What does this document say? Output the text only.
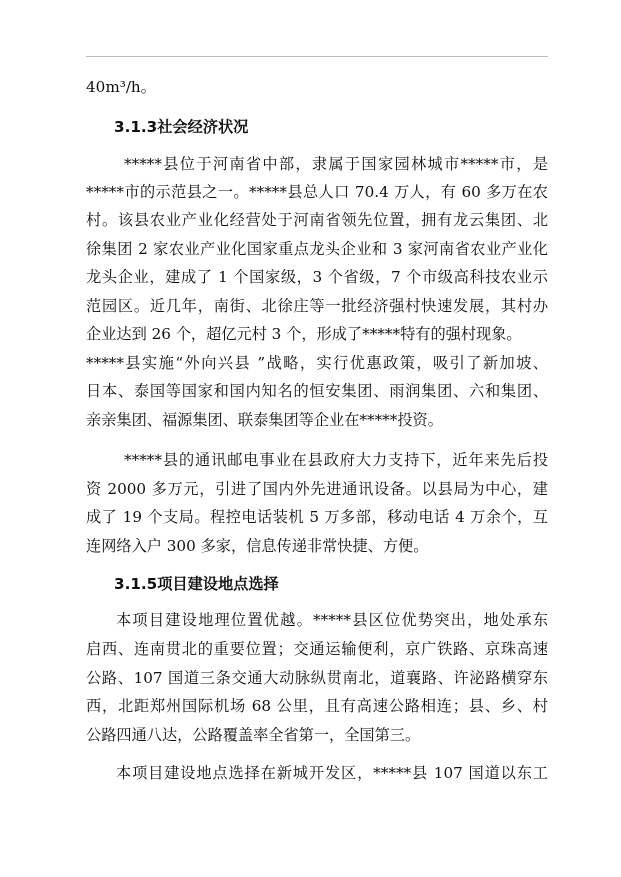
40m³/h。
3.1.3社会经济状况
*****县位于河南省中部，隶属于国家园林城市*****市，是
*****市的示范县之一。*****县总人口 70.4 万人，有 60 多万在农
村。该县农业产业化经营处于河南省领先位置，拥有龙云集团、北
徐集团 2 家农业产业化国家重点龙头企业和 3 家河南省农业产业化
龙头企业，建成了 1 个国家级，3 个省级，7 个市级高科技农业示
范园区。近几年，南街、北徐庄等一批经济强村快速发展，其村办
企业达到 26 个，超亿元村 3 个，形成了*****特有的强村现象。
*****县实施“外向兴县 ”战略，实行优惠政策，吸引了新加坡、
日本、泰国等国家和国内知名的恒安集团、雨润集团、六和集团、
亲亲集团、福源集团、联泰集团等企业在*****投资。
*****县的通讯邮电事业在县政府大力支持下，近年来先后投
资 2000 多万元，引进了国内外先进通讯设备。以县局为中心，建
成了 19 个支局。程控电话装机 5 万多部，移动电话 4 万余个，互
连网络入户 300 多家，信息传递非常快捷、方便。
3.1.5项目建设地点选择
本项目建设地理位置优越。*****县区位优势突出，地处承东
启西、连南贯北的重要位置；交通运输便利，京广铁路、京珠高速
公路、107 国道三条交通大动脉纵贯南北，道襄路、许泌路横穿东
西，北距郑州国际机场 68 公里，且有高速公路相连；县、乡、村
公路四通八达，公路覆盖率全省第一，全国第三。
本项目建设地点选择在新城开发区，*****县 107 国道以东工
